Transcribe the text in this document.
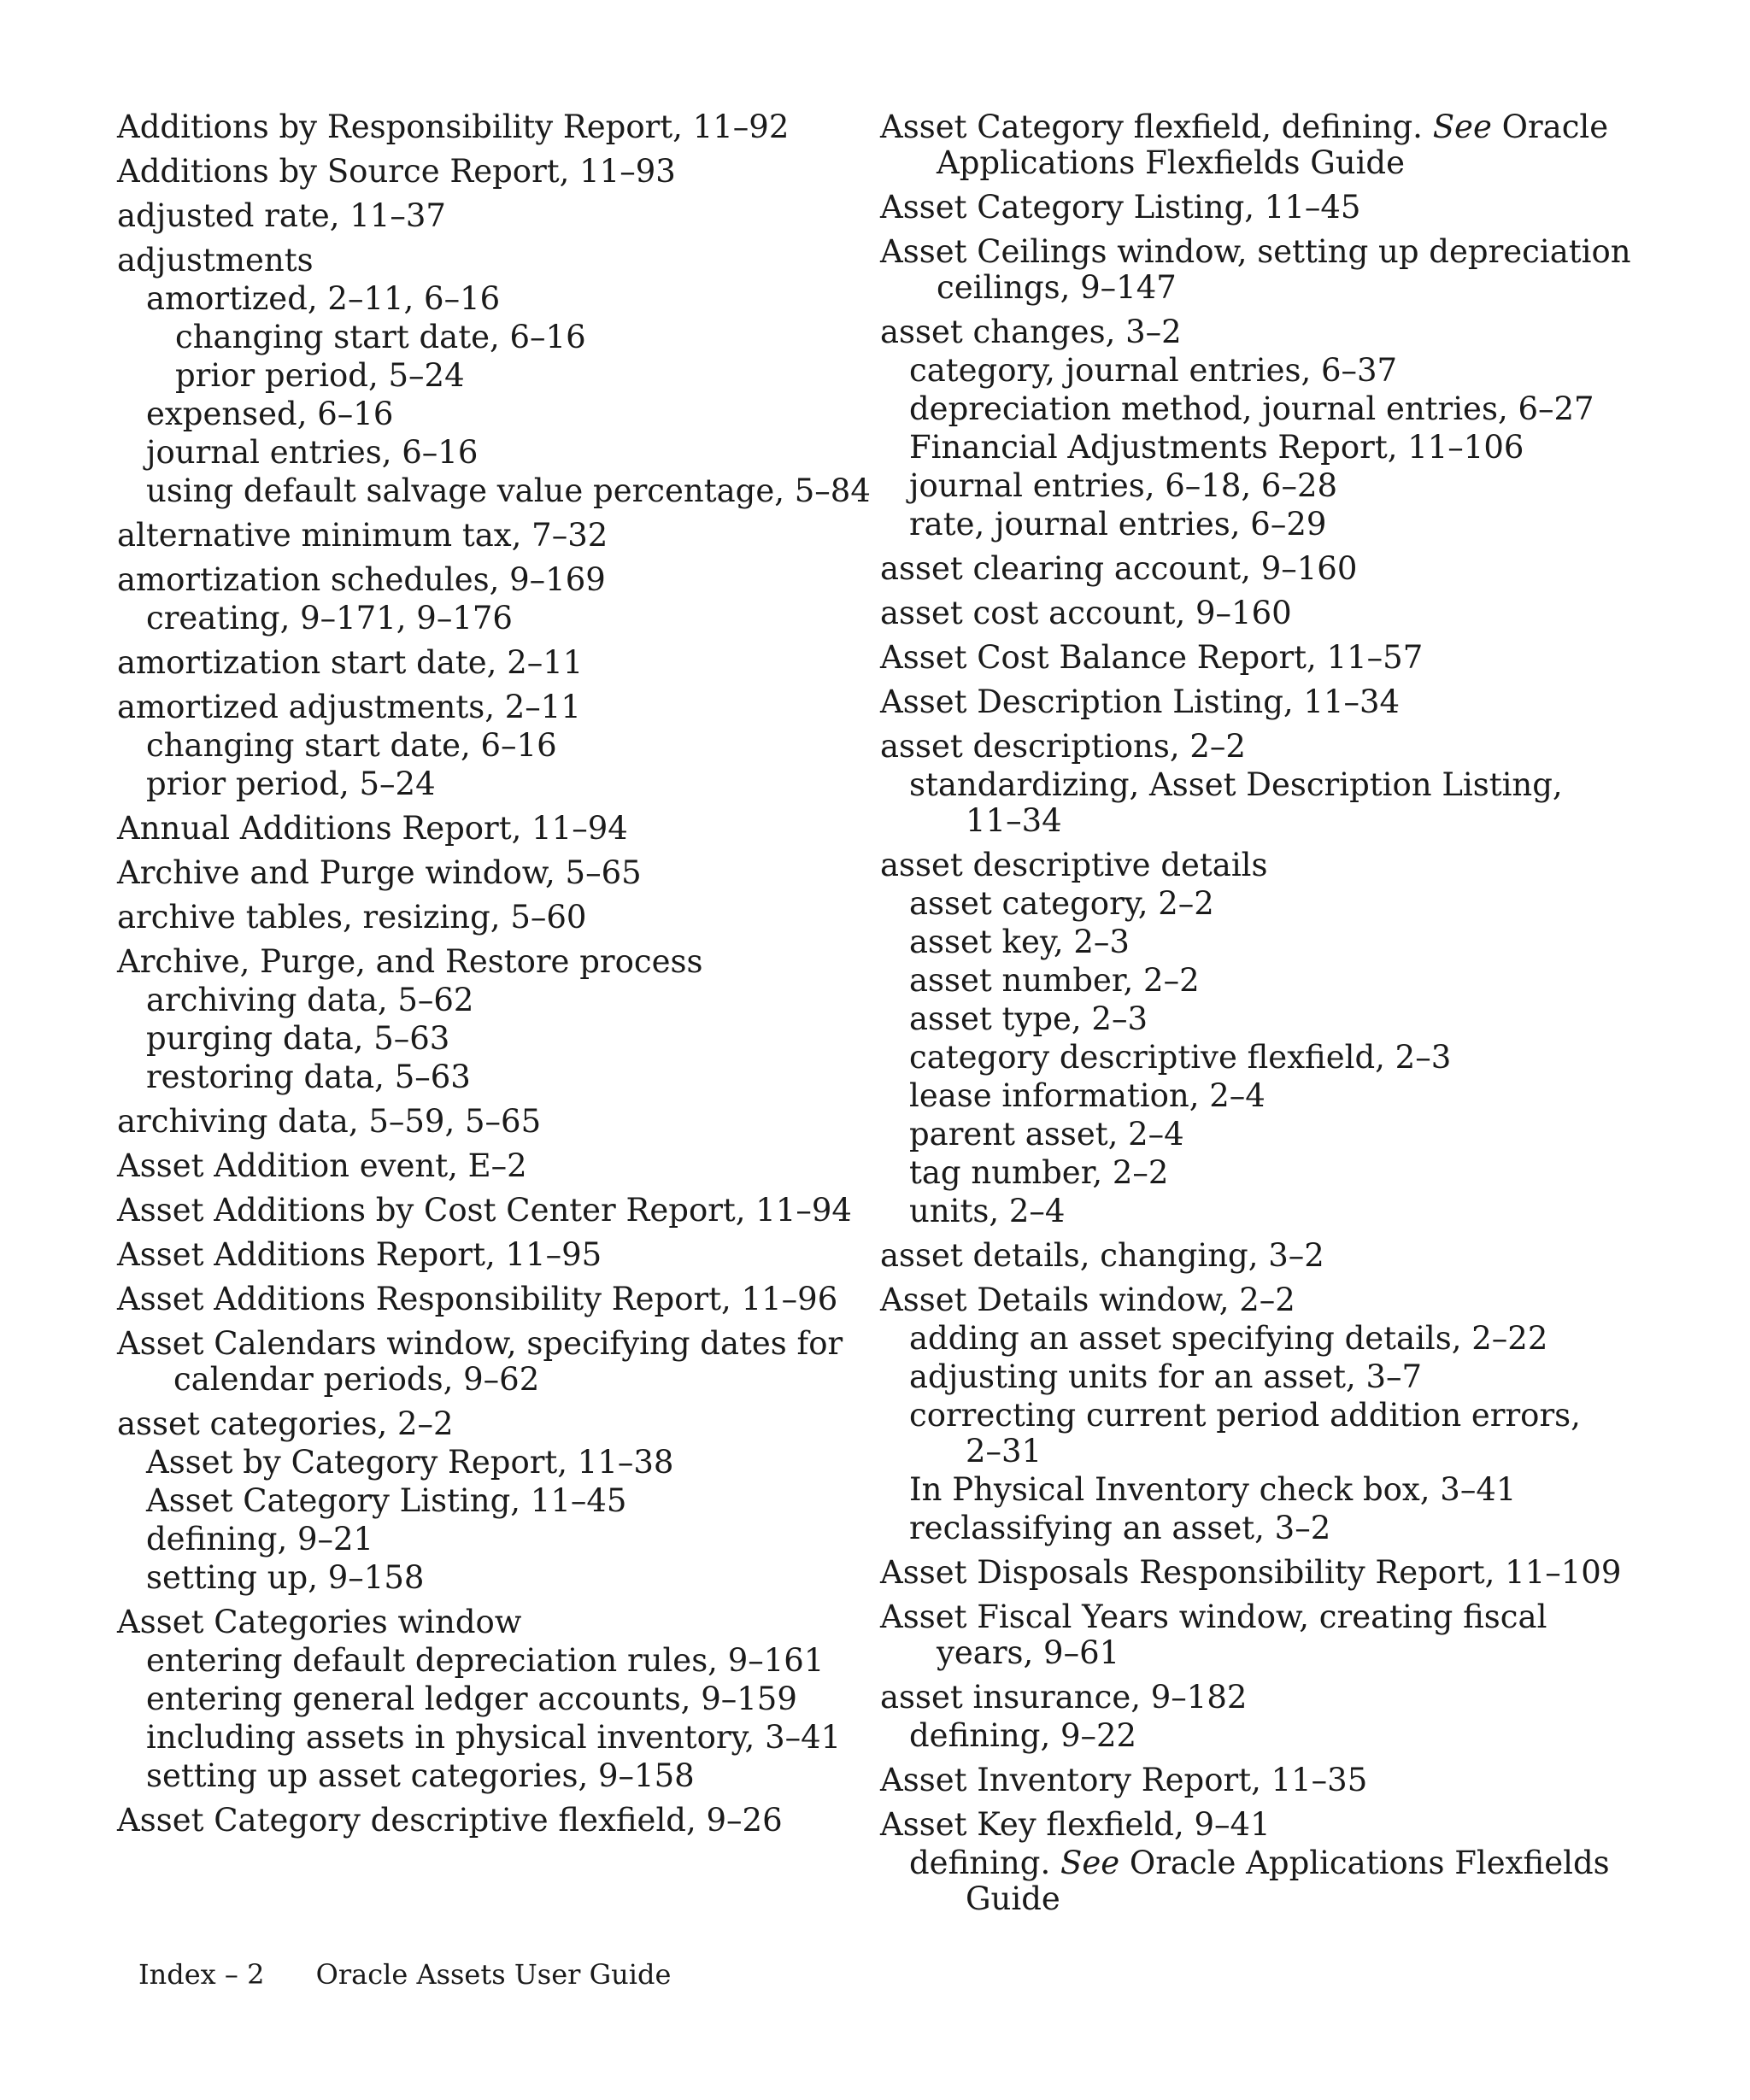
Additions by Responsibility Report, 11–92
Additions by Source Report, 11–93
adjusted rate, 11–37
adjustments
amortized, 2–11, 6–16
changing start date, 6–16
prior period, 5–24
expensed, 6–16
journal entries, 6–16
using default salvage value percentage, 5–84
alternative minimum tax, 7–32
amortization schedules, 9–169
creating, 9–171, 9–176
amortization start date, 2–11
amortized adjustments, 2–11
changing start date, 6–16
prior period, 5–24
Annual Additions Report, 11–94
Archive and Purge window, 5–65
archive tables, resizing, 5–60
Archive, Purge, and Restore process
archiving data, 5–62
purging data, 5–63
restoring data, 5–63
archiving data, 5–59, 5–65
Asset Addition event, E–2
Asset Additions by Cost Center Report, 11–94
Asset Additions Report, 11–95
Asset Additions Responsibility Report, 11–96
Asset Calendars window, specifying dates for
calendar periods, 9–62
asset categories, 2–2
Asset by Category Report, 11–38
Asset Category Listing, 11–45
defining, 9–21
setting up, 9–158
Asset Categories window
entering default depreciation rules, 9–161
entering general ledger accounts, 9–159
including assets in physical inventory, 3–41
setting up asset categories, 9–158
Asset Category descriptive flexfield, 9–26
Asset Category flexfield, defining. See Oracle
Applications Flexfields Guide
Asset Category Listing, 11–45
Asset Ceilings window, setting up depreciation
ceilings, 9–147
asset changes, 3–2
category, journal entries, 6–37
depreciation method, journal entries, 6–27
Financial Adjustments Report, 11–106
journal entries, 6–18, 6–28
rate, journal entries, 6–29
asset clearing account, 9–160
asset cost account, 9–160
Asset Cost Balance Report, 11–57
Asset Description Listing, 11–34
asset descriptions, 2–2
standardizing, Asset Description Listing,
11–34
asset descriptive details
asset category, 2–2
asset key, 2–3
asset number, 2–2
asset type, 2–3
category descriptive flexfield, 2–3
lease information, 2–4
parent asset, 2–4
tag number, 2–2
units, 2–4
asset details, changing, 3–2
Asset Details window, 2–2
adding an asset specifying details, 2–22
adjusting units for an asset, 3–7
correcting current period addition errors,
2–31
In Physical Inventory check box, 3–41
reclassifying an asset, 3–2
Asset Disposals Responsibility Report, 11–109
Asset Fiscal Years window, creating fiscal
years, 9–61
asset insurance, 9–182
defining, 9–22
Asset Inventory Report, 11–35
Asset Key flexfield, 9–41
defining. See Oracle Applications Flexfields
Guide
Index – 2 Oracle Assets User Guide
